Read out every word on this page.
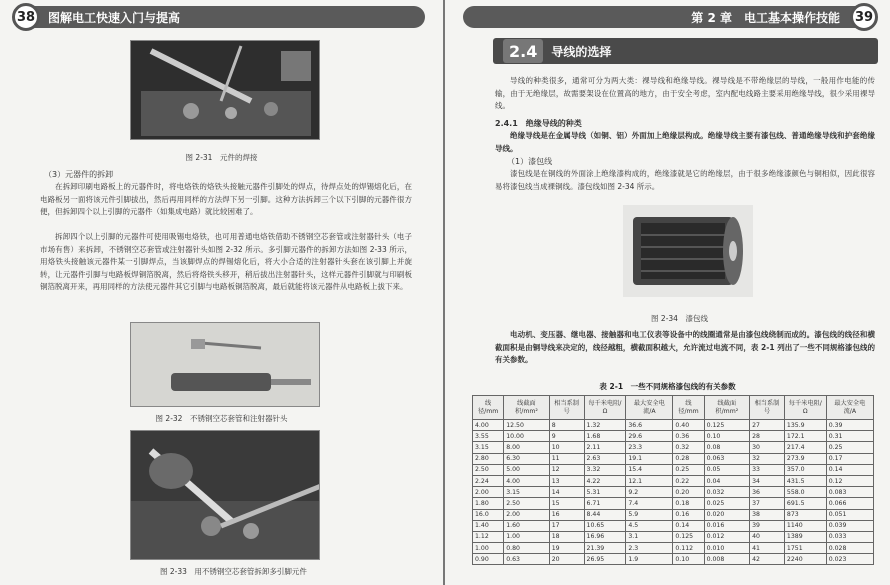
38	图解电工快速入门与提高
图 2-31　元件的焊接
（3）元器件的拆卸
在拆卸印刷电路板上的元器件时，将电烙铁的烙铁头接触元器件引脚处的焊点，待焊点处的焊锡熔化后，在电路板另一面将该元件引脚拔出，然后再用同样的方法焊下另一引脚。这种方法拆卸三个以下引脚的元器件很方便，但拆卸四个以上引脚的元器件（如集成电路）就比较困难了。
拆卸四个以上引脚的元器件可使用吸锡电烙铁，也可用普通电烙铁借助不锈钢空芯套管或注射器针头（电子市场有售）来拆卸，不锈钢空芯套管或注射器针头如图 2-32 所示。多引脚元器件的拆卸方法如图 2-33 所示，用烙铁头接触该元器件某一引脚焊点，当该脚焊点的焊锡熔化后，将大小合适的注射器针头套在该引脚上并旋转，让元器件引脚与电路板焊铜箔脱离，然后将烙铁头移开，稍后拔出注射器针头，这样元器件引脚就与印刷板铜箔脱离开来，再用同样的方法使元器件其它引脚与电路板铜箔脱离，最后就能将该元器件从电路板上拔下来。
图 2-32　不锈钢空芯套管和注射器针头
图 2-33　用不锈钢空芯套管拆卸多引脚元件
第 2 章　电工基本操作技能	39
2.4	导线的选择
导线的种类很多，通常可分为两大类：裸导线和绝缘导线。裸导线是不带绝缘层的导线，一般用作电能的传输，由于无绝缘层，故需要架设在位置高的地方，由于安全考虑，室内配电线路主要采用绝缘导线，很少采用裸导线。
2.4.1　绝缘导线的种类
绝缘导线是在金属导线（如铜、铝）外面加上绝缘层构成。绝缘导线主要有漆包线、普通绝缘导线和护套绝缘导线。
（1）漆包线
漆包线是在铜线的外面涂上绝缘漆构成的，绝缘漆就是它的绝缘层，由于很多绝缘漆颜色与铜相似，因此很容易将漆包线当成裸铜线。漆包线如图 2-34 所示。
图 2-34　漆包线
电动机、变压器、继电器、接触器和电工仪表等设备中的线圈通常是由漆包线绕制而成的。漆包线的线径和横截面积是由铜导线来决定的，线径越粗，横截面积越大，允许流过电流不同，表 2-1 列出了一些不同规格漆包线的有关参数。
表 2-1　一些不同规格漆包线的有关参数
线径/mm	线截面积/mm²	相当系制号	每千米电阻/Ω	最大安全电流/A	线径/mm	线截面积/mm²	相当系制号	每千米电阻/Ω	最大安全电流/A
4.00	12.50	8	1.32	36.6	0.40	0.125	27	135.9	0.39
3.55	10.00	9	1.68	29.6	0.36	0.10	28	172.1	0.31
3.15	8.00	10	2.11	23.3	0.32	0.08	30	217.4	0.25
2.80	6.30	11	2.63	19.1	0.28	0.063	32	273.9	0.17
2.50	5.00	12	3.32	15.4	0.25	0.05	33	357.0	0.14
2.24	4.00	13	4.22	12.1	0.22	0.04	34	431.5	0.12
2.00	3.15	14	5.31	9.2	0.20	0.032	36	558.0	0.083
1.80	2.50	15	6.71	7.4	0.18	0.025	37	691.5	0.066
16.0	2.00	16	8.44	5.9	0.16	0.020	38	873	0.051
1.40	1.60	17	10.65	4.5	0.14	0.016	39	1140	0.039
1.12	1.00	18	16.96	3.1	0.125	0.012	40	1389	0.033
1.00	0.80	19	21.39	2.3	0.112	0.010	41	1751	0.028
0.90	0.63	20	26.95	1.9	0.10	0.008	42	2240	0.023
